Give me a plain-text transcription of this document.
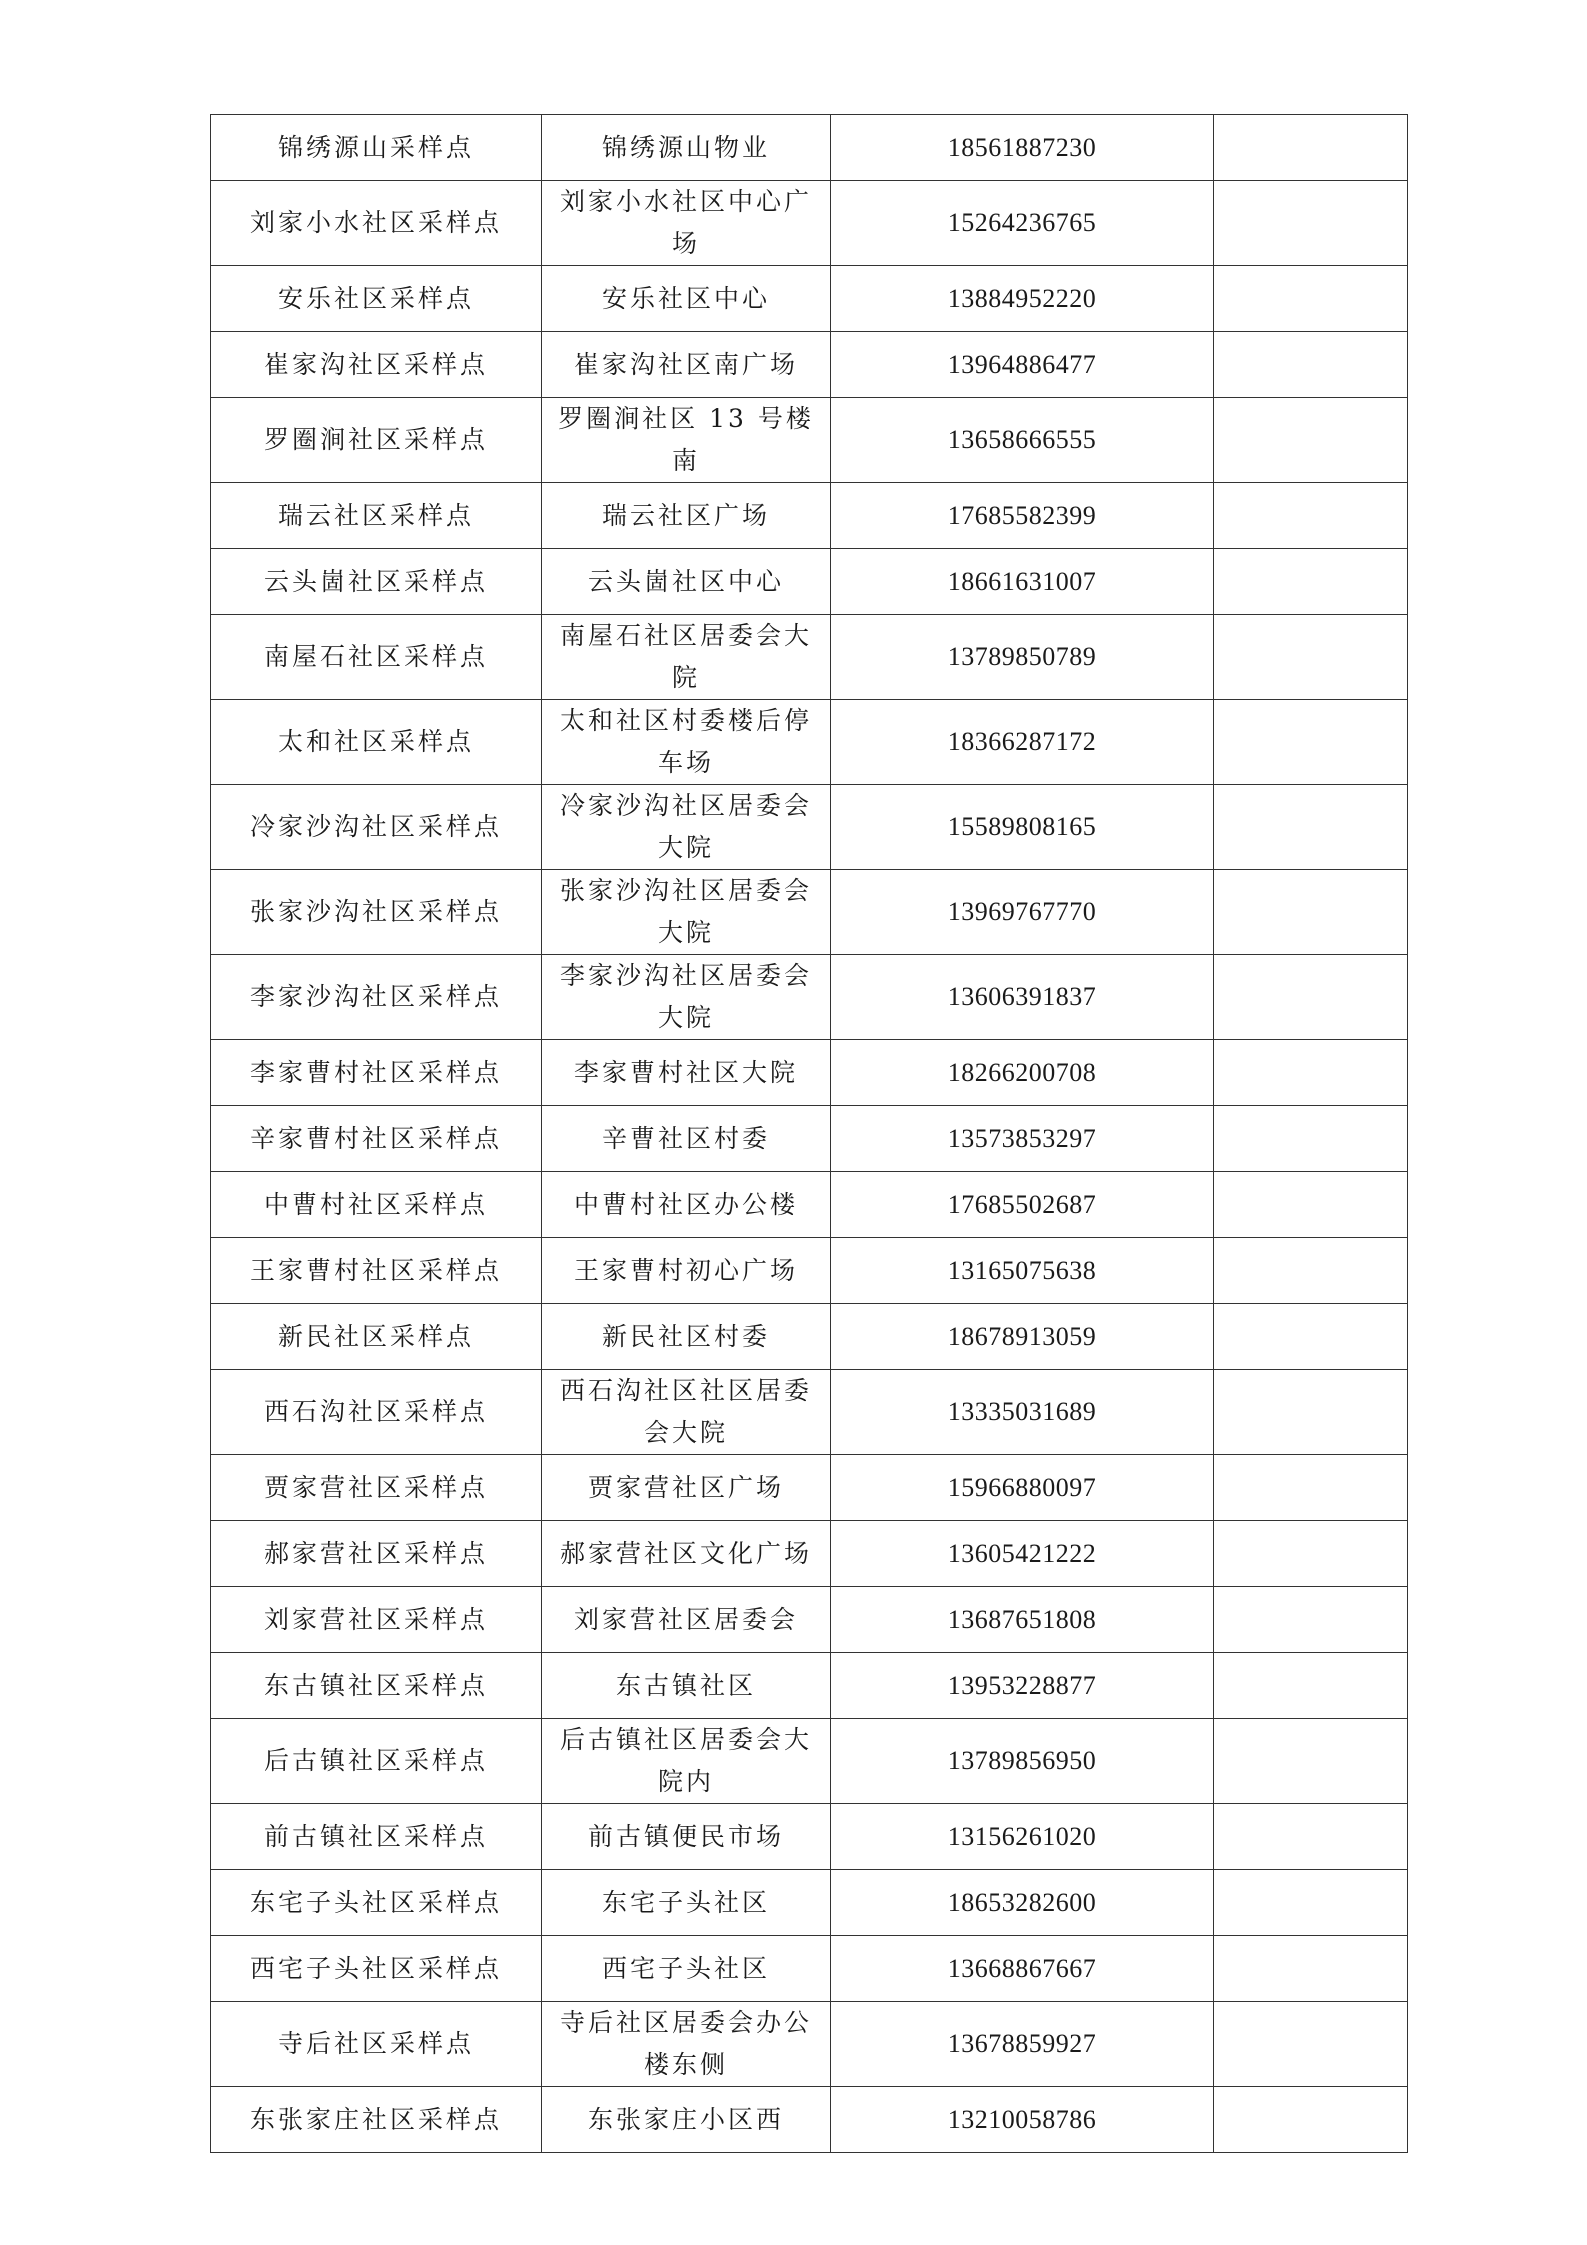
锦绣源山采样点	锦绣源山物业	18561887230	
刘家小水社区采样点	刘家小水社区中心广场	15264236765	
安乐社区采样点	安乐社区中心	13884952220	
崔家沟社区采样点	崔家沟社区南广场	13964886477	
罗圈涧社区采样点	罗圈涧社区 13 号楼南	13658666555	
瑞云社区采样点	瑞云社区广场	17685582399	
云头崮社区采样点	云头崮社区中心	18661631007	
南屋石社区采样点	南屋石社区居委会大院	13789850789	
太和社区采样点	太和社区村委楼后停车场	18366287172	
冷家沙沟社区采样点	冷家沙沟社区居委会大院	15589808165	
张家沙沟社区采样点	张家沙沟社区居委会大院	13969767770	
李家沙沟社区采样点	李家沙沟社区居委会大院	13606391837	
李家曹村社区采样点	李家曹村社区大院	18266200708	
辛家曹村社区采样点	辛曹社区村委	13573853297	
中曹村社区采样点	中曹村社区办公楼	17685502687	
王家曹村社区采样点	王家曹村初心广场	13165075638	
新民社区采样点	新民社区村委	18678913059	
西石沟社区采样点	西石沟社区社区居委会大院	13335031689	
贾家营社区采样点	贾家营社区广场	15966880097	
郝家营社区采样点	郝家营社区文化广场	13605421222	
刘家营社区采样点	刘家营社区居委会	13687651808	
东古镇社区采样点	东古镇社区	13953228877	
后古镇社区采样点	后古镇社区居委会大院内	13789856950	
前古镇社区采样点	前古镇便民市场	13156261020	
东宅子头社区采样点	东宅子头社区	18653282600	
西宅子头社区采样点	西宅子头社区	13668867667	
寺后社区采样点	寺后社区居委会办公楼东侧	13678859927	
东张家庄社区采样点	东张家庄小区西	13210058786	
